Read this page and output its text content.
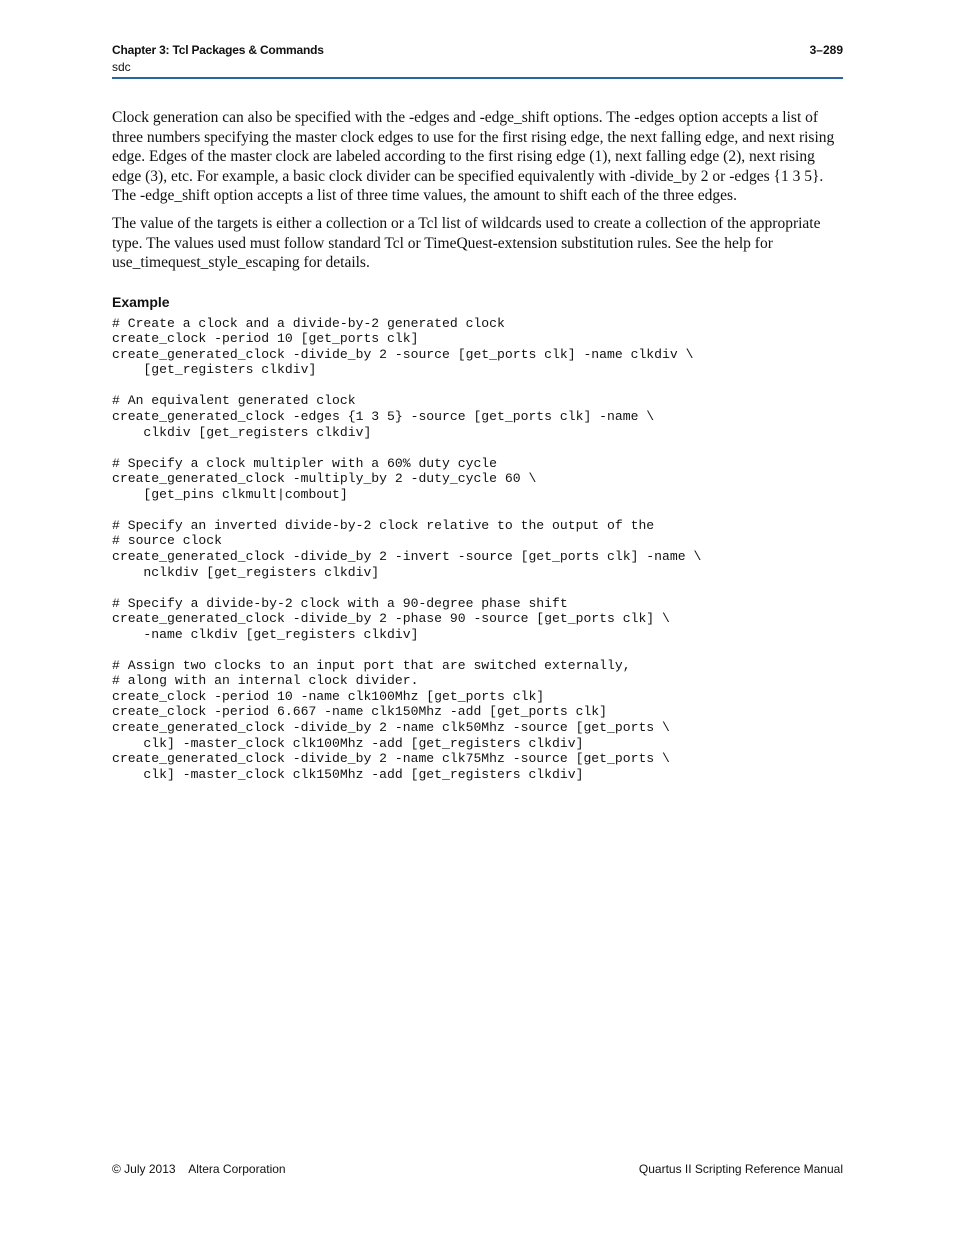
Chapter 3: Tcl Packages & Commands	3–289
sdc

Clock generation can also be specified with the -edges and -edge_shift options. The -edges option accepts a list of three numbers specifying the master clock edges to use for the first rising edge, the next falling edge, and next rising edge. Edges of the master clock are labeled according to the first rising edge (1), next falling edge (2), next rising edge (3), etc. For example, a basic clock divider can be specified equivalently with -divide_by 2 or -edges {1 3 5}. The -edge_shift option accepts a list of three time values, the amount to shift each of the three edges.

The value of the targets is either a collection or a Tcl list of wildcards used to create a collection of the appropriate type. The values used must follow standard Tcl or TimeQuest-extension substitution rules. See the help for use_timequest_style_escaping for details.

Example
# Create a clock and a divide-by-2 generated clock
create_clock -period 10 [get_ports clk]
create_generated_clock -divide_by 2 -source [get_ports clk] -name clkdiv \
[get_registers clkdiv]

# An equivalent generated clock
create_generated_clock -edges {1 3 5} -source [get_ports clk] -name \
clkdiv [get_registers clkdiv]

# Specify a clock multipler with a 60% duty cycle
create_generated_clock -multiply_by 2 -duty_cycle 60 \
[get_pins clkmult|combout]

# Specify an inverted divide-by-2 clock relative to the output of the
# source clock
create_generated_clock -divide_by 2 -invert -source [get_ports clk] -name \
nclkdiv [get_registers clkdiv]

# Specify a divide-by-2 clock with a 90-degree phase shift
create_generated_clock -divide_by 2 -phase 90 -source [get_ports clk] \
-name clkdiv [get_registers clkdiv]

# Assign two clocks to an input port that are switched externally,
# along with an internal clock divider.
create_clock -period 10 -name clk100Mhz [get_ports clk]
create_clock -period 6.667 -name clk150Mhz -add [get_ports clk]
create_generated_clock -divide_by 2 -name clk50Mhz -source [get_ports \
clk] -master_clock clk100Mhz -add [get_registers clkdiv]
create_generated_clock -divide_by 2 -name clk75Mhz -source [get_ports \
clk] -master_clock clk150Mhz -add [get_registers clkdiv]
© July 2013    Altera Corporation	Quartus II Scripting Reference Manual
